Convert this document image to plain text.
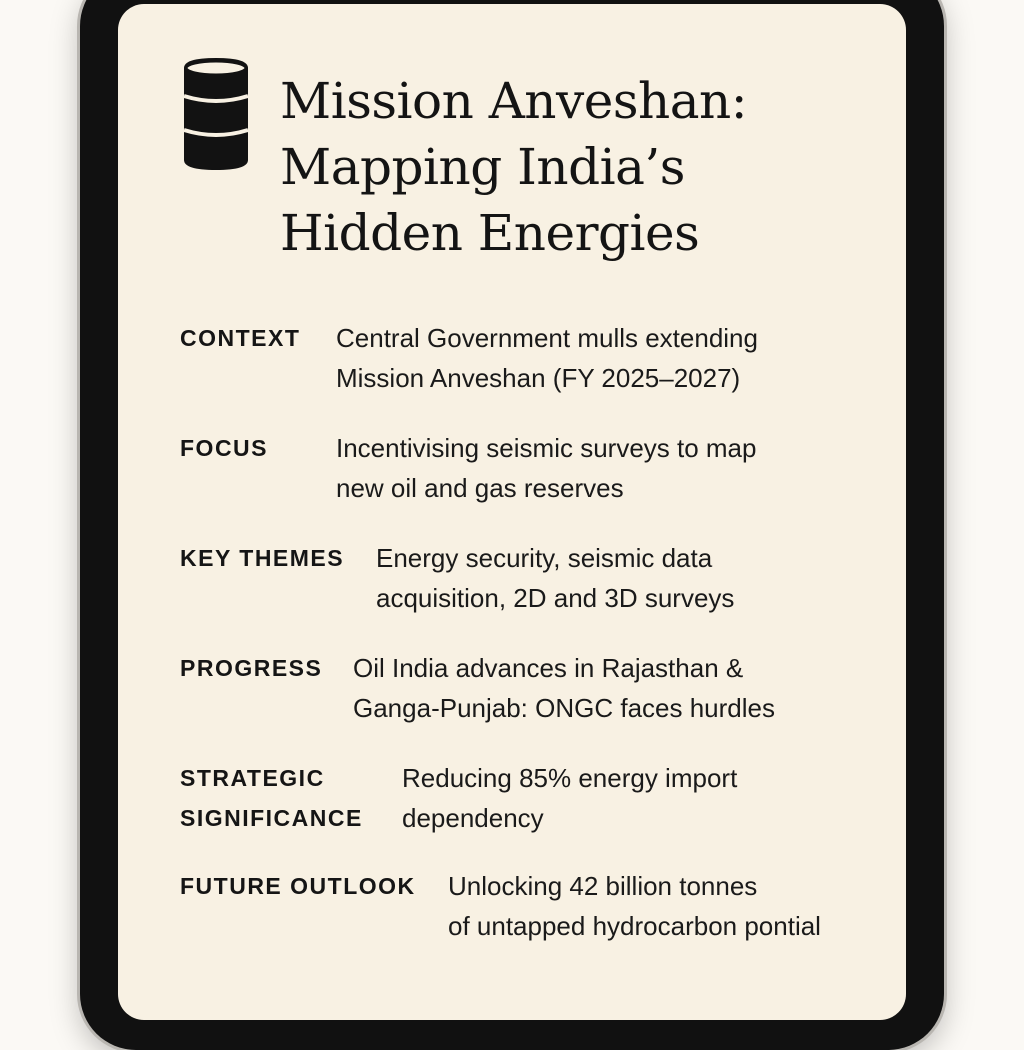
Mission Anveshan:
Mapping India’s
Hidden Energies
CONTEXT Central Government mulls extending
Mission Anveshan (FY 2025–2027)
FOCUS	Incentivising seismic surveys to map
new oil and gas reserves
KEY THEMES Energy security, seismic data
acquisition, 2D and 3D surveys
PROGRESS Oil India advances in Rajasthan &
Ganga-Punjab: ONGC faces hurdles
STRATEGIC
SIGNIFICANCE
Reducing 85% energy import
dependency
FUTURE OUTLOOK Unlocking 42 billion tonnes
of untapped hydrocarbon pontial
